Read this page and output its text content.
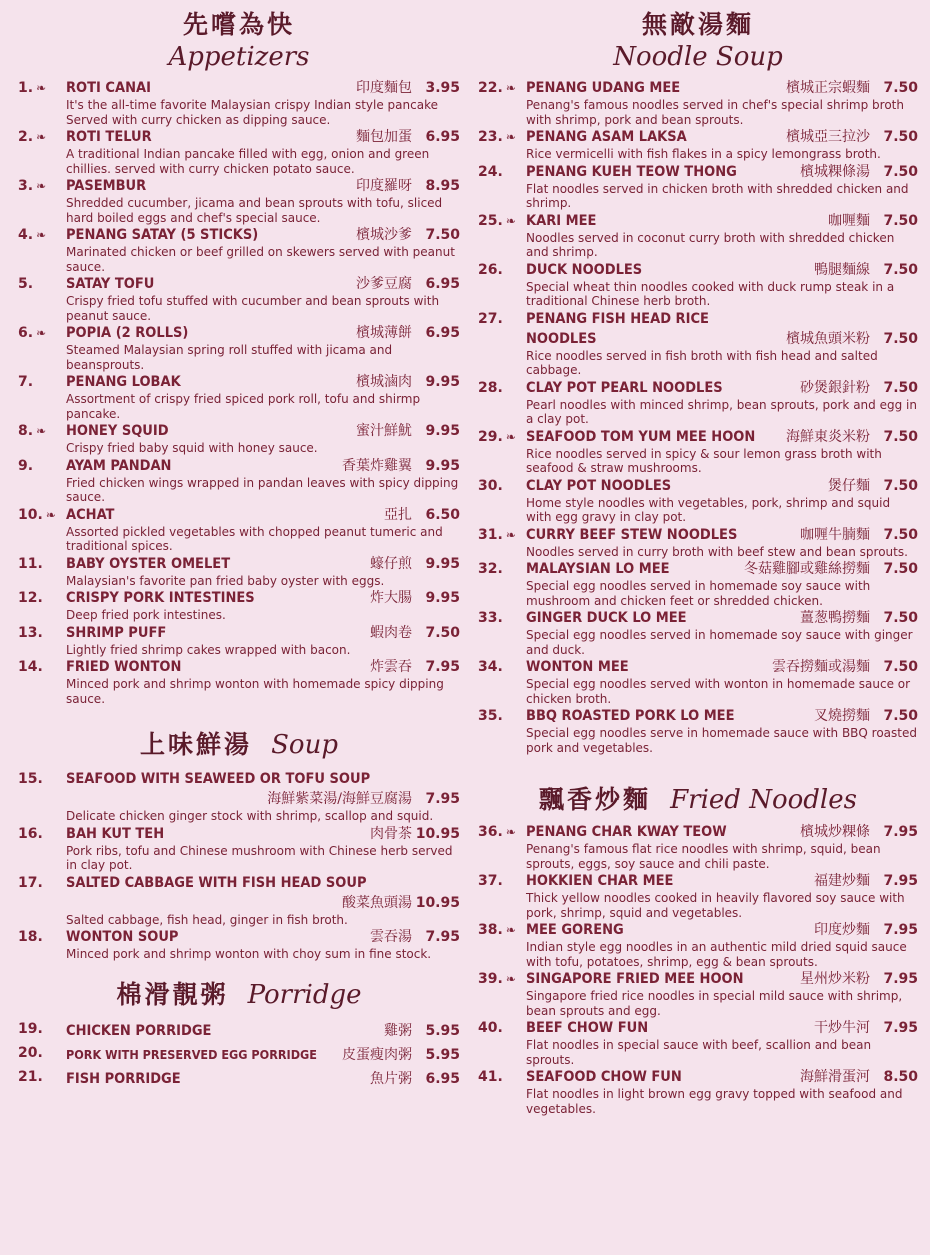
先嚐為快
Appetizers
1. ❧ ROTI CANAI	印度麵包 3.95
It's the all-time favorite Malaysian crispy Indian style pancake Served with curry chicken as dipping sauce.
2. ❧ ROTI TELUR	麵包加蛋 6.95
A traditional Indian pancake filled with egg, onion and green chillies. served with curry chicken potato sauce.
3. ❧ PASEMBUR	印度羅呀 8.95
Shredded cucumber, jicama and bean sprouts with tofu, sliced hard boiled eggs and chef's special sauce.
4. ❧ PENANG SATAY (5 STICKS)	檳城沙爹 7.50
Marinated chicken or beef grilled on skewers served with peanut sauce.
5. SATAY TOFU	沙爹豆腐 6.95
Crispy fried tofu stuffed with cucumber and bean sprouts with peanut sauce.
6. ❧ POPIA (2 ROLLS)	檳城薄餅 6.95
Steamed Malaysian spring roll stuffed with jicama and beansprouts.
7. PENANG LOBAK	檳城滷肉 9.95
Assortment of crispy fried spiced pork roll, tofu and shirmp pancake.
8. ❧ HONEY SQUID	蜜汁鮮魷 9.95
Crispy fried baby squid with honey sauce.
9. AYAM PANDAN	香葉炸雞翼 9.95
Fried chicken wings wrapped in pandan leaves with spicy dipping sauce.
10. ❧ ACHAT	亞扎 6.50
Assorted pickled vegetables with chopped peanut tumeric and traditional spices.
11. BABY OYSTER OMELET	蠔仔煎 9.95
Malaysian's favorite pan fried baby oyster with eggs.
12. CRISPY PORK INTESTINES	炸大腸 9.95
Deep fried pork intestines.
13. SHRIMP PUFF	蝦肉卷 7.50
Lightly fried shrimp cakes wrapped with bacon.
14. FRIED WONTON	炸雲吞 7.95
Minced pork and shrimp wonton with homemade spicy dipping sauce.
上味鮮湯 Soup
15. SEAFOOD WITH SEAWEED OR TOFU SOUP
海鮮紫菜湯/海鮮豆腐湯 7.95
Delicate chicken ginger stock with shrimp, scallop and squid.
16. BAH KUT TEH	肉骨茶 10.95
Pork ribs, tofu and Chinese mushroom with Chinese herb served in clay pot.
17. SALTED CABBAGE WITH FISH HEAD SOUP
酸菜魚頭湯 10.95
Salted cabbage, fish head, ginger in fish broth.
18. WONTON SOUP	雲吞湯 7.95
Minced pork and shrimp wonton with choy sum in fine stock.
棉滑靚粥 Porridge
19. CHICKEN PORRIDGE	雞粥 5.95
20. PORK WITH PRESERVED EGG PORRIDGE	皮蛋瘦肉粥 5.95
21. FISH PORRIDGE	魚片粥 6.95
無敵湯麵
Noodle Soup
22. ❧ PENANG UDANG MEE	檳城正宗蝦麵 7.50
Penang's famous noodles served in chef's special shrimp broth with shrimp, pork and bean sprouts.
23. ❧ PENANG ASAM LAKSA	檳城亞三拉沙 7.50
Rice vermicelli with fish flakes in a spicy lemongrass broth.
24. PENANG KUEH TEOW THONG	檳城粿條湯 7.50
Flat noodles served in chicken broth with shredded chicken and shrimp.
25. ❧ KARI MEE	咖喱麵 7.50
Noodles served in coconut curry broth with shredded chicken and shrimp.
26. DUCK NOODLES	鴨腿麵線 7.50
Special wheat thin noodles cooked with duck rump steak in a traditional Chinese herb broth.
27. PENANG FISH HEAD RICE
NOODLES	檳城魚頭米粉 7.50
Rice noodles served in fish broth with fish head and salted cabbage.
28. CLAY POT PEARL NOODLES	砂煲銀針粉 7.50
Pearl noodles with minced shrimp, bean sprouts, pork and egg in a clay pot.
29. ❧ SEAFOOD TOM YUM MEE HOON	海鮮東炎米粉 7.50
Rice noodles served in spicy & sour lemon grass broth with seafood & straw mushrooms.
30. CLAY POT NOODLES	煲仔麵 7.50
Home style noodles with vegetables, pork, shrimp and squid with egg gravy in clay pot.
31. ❧ CURRY BEEF STEW NOODLES	咖喱牛腩麵 7.50
Noodles served in curry broth with beef stew and bean sprouts.
32. MALAYSIAN LO MEE	冬菇雞腳或雞絲撈麵 7.50
Special egg noodles served in homemade soy sauce with mushroom and chicken feet or shredded chicken.
33. GINGER DUCK LO MEE	薑葱鴨撈麵 7.50
Special egg noodles served in homemade soy sauce with ginger and duck.
34. WONTON MEE	雲吞撈麵或湯麵 7.50
Special egg noodles served with wonton in homemade sauce or chicken broth.
35. BBQ ROASTED PORK LO MEE	叉燒撈麵 7.50
Special egg noodles serve in homemade sauce with BBQ roasted pork and vegetables.
飄香炒麵 Fried Noodles
36. ❧ PENANG CHAR KWAY TEOW	檳城炒粿條 7.95
Penang's famous flat rice noodles with shrimp, squid, bean sprouts, eggs, soy sauce and chili paste.
37. HOKKIEN CHAR MEE	福建炒麵 7.95
Thick yellow noodles cooked in heavily flavored soy sauce with pork, shrimp, squid and vegetables.
38. ❧ MEE GORENG	印度炒麵 7.95
Indian style egg noodles in an authentic mild dried squid sauce with tofu, potatoes, shrimp, egg & bean sprouts.
39. ❧ SINGAPORE FRIED MEE HOON	星州炒米粉 7.95
Singapore fried rice noodles in special mild sauce with shrimp, bean sprouts and egg.
40. BEEF CHOW FUN	干炒牛河 7.95
Flat noodles in special sauce with beef, scallion and bean sprouts.
41. SEAFOOD CHOW FUN	海鮮滑蛋河 8.50
Flat noodles in light brown egg gravy topped with seafood and vegetables.
